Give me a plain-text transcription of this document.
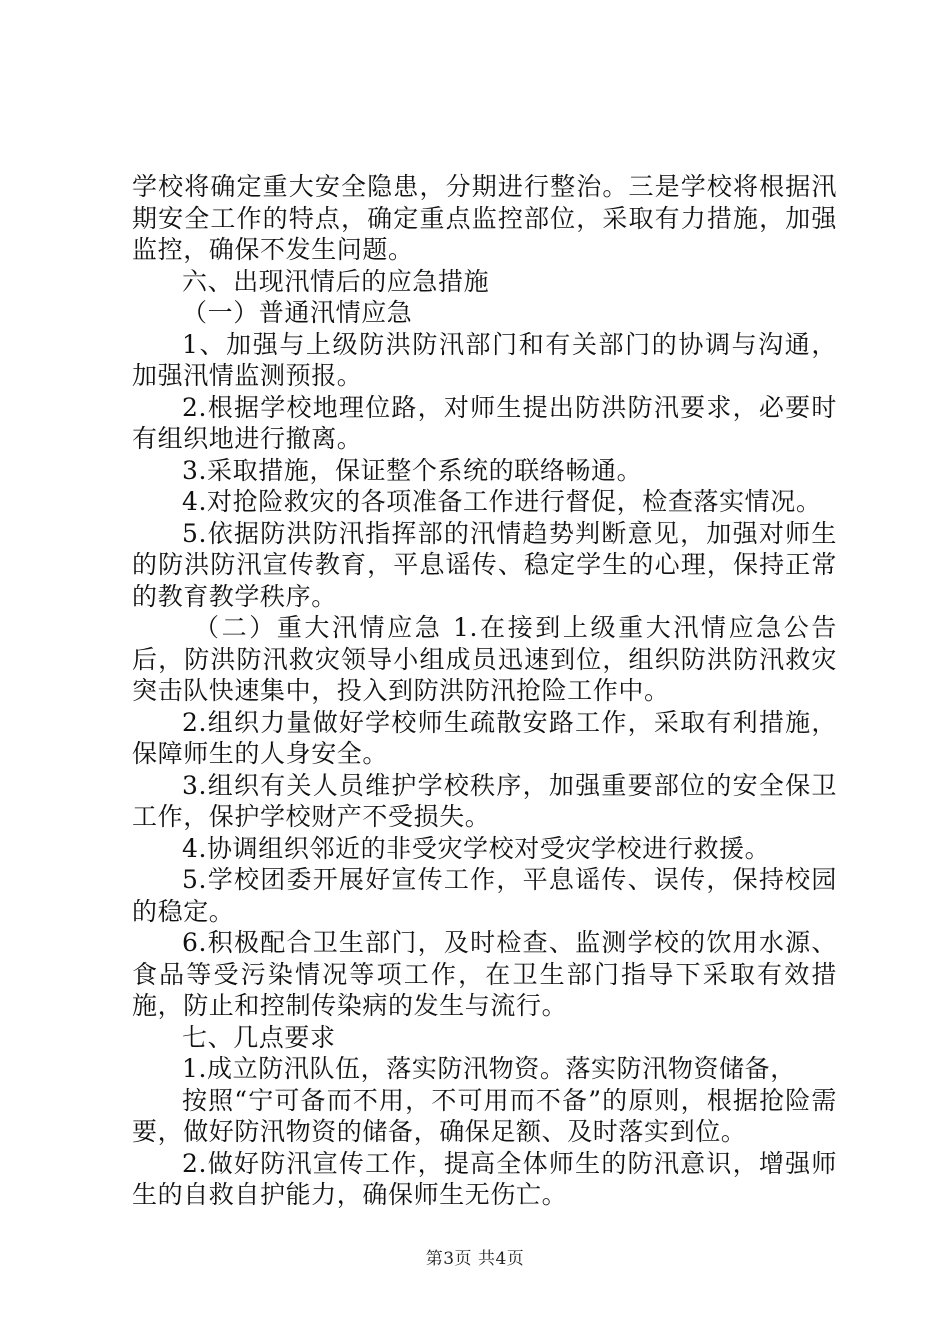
学校将确定重大安全隐患，分期进行整治。三是学校将根据汛期安全工作的特点，确定重点监控部位，采取有力措施，加强监控，确保不发生问题。

六、出现汛情后的应急措施

（一）普通汛情应急

1、加强与上级防洪防汛部门和有关部门的协调与沟通，加强汛情监测预报。

2.根据学校地理位路，对师生提出防洪防汛要求，必要时有组织地进行撤离。

3.采取措施，保证整个系统的联络畅通。

4.对抢险救灾的各项准备工作进行督促，检查落实情况。

5.依据防洪防汛指挥部的汛情趋势判断意见，加强对师生的防洪防汛宣传教育，平息谣传、稳定学生的心理，保持正常的教育教学秩序。

（二）重大汛情应急 1.在接到上级重大汛情应急公告后，防洪防汛救灾领导小组成员迅速到位，组织防洪防汛救灾突击队快速集中，投入到防洪防汛抢险工作中。

2.组织力量做好学校师生疏散安路工作，采取有利措施，保障师生的人身安全。

3.组织有关人员维护学校秩序，加强重要部位的安全保卫工作，保护学校财产不受损失。

4.协调组织邻近的非受灾学校对受灾学校进行救援。

5.学校团委开展好宣传工作，平息谣传、误传，保持校园的稳定。

6.积极配合卫生部门，及时检查、监测学校的饮用水源、食品等受污染情况等项工作，在卫生部门指导下采取有效措施，防止和控制传染病的发生与流行。

七、几点要求

1.成立防汛队伍，落实防汛物资。落实防汛物资储备，

按照“宁可备而不用，不可用而不备”的原则，根据抢险需要，做好防汛物资的储备，确保足额、及时落实到位。

2.做好防汛宣传工作，提高全体师生的防汛意识，增强师生的自救自护能力，确保师生无伤亡。

第3页 共4页
